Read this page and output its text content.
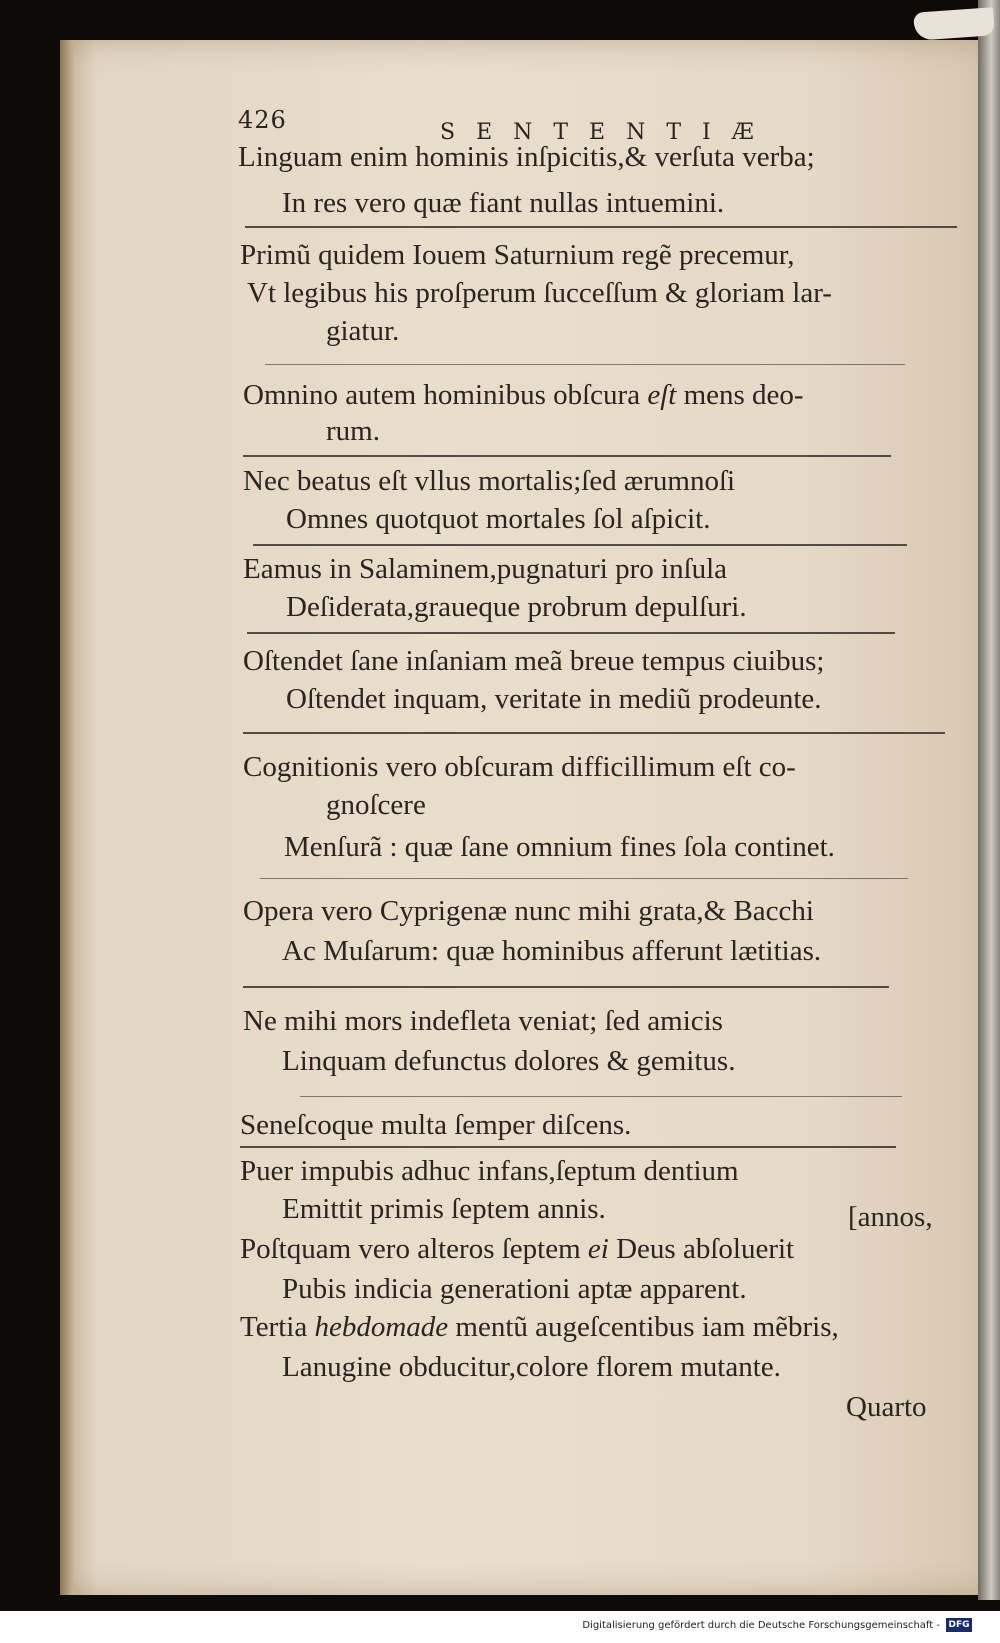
426	SENTENTIÆ
Linguam enim hominis inſpicitis,& verſuta verba;
In res vero quæ fiant nullas intuemini.
Primũ quidem Iouem Saturnium regẽ precemur,
Vt legibus his proſperum ſucceſſum & gloriam lar-
giatur.
Omnino autem hominibus obſcura eſt mens deo-
rum.
Nec beatus eſt vllus mortalis;ſed ærumnoſi
Omnes quotquot mortales ſol aſpicit.
Eamus in Salaminem,pugnaturi pro inſula
Deſiderata,graueque probrum depulſuri.
Oſtendet ſane inſaniam meã breue tempus ciuibus;
Oſtendet inquam, veritate in mediũ prodeunte.
Cognitionis vero obſcuram difficillimum eſt co-
gnoſcere
Menſurã : quæ ſane omnium fines ſola continet.
Opera vero Cyprigenæ nunc mihi grata,& Bacchi
Ac Muſarum: quæ hominibus afferunt lætitias.
Ne mihi mors indefleta veniat; ſed amicis
Linquam defunctus dolores & gemitus.
Seneſcoque multa ſemper diſcens.
Puer impubis adhuc infans,ſeptum dentium
Emittit primis ſeptem annis.	[annos,
Poſtquam vero alteros ſeptem ei Deus abſoluerit
Pubis indicia generationi aptæ apparent.
Tertia hebdomade mentũ augeſcentibus iam mẽbris,
Lanugine obducitur,colore florem mutante.
Quarto
Digitalisierung gefördert durch die Deutsche Forschungsgemeinschaft - DFG
